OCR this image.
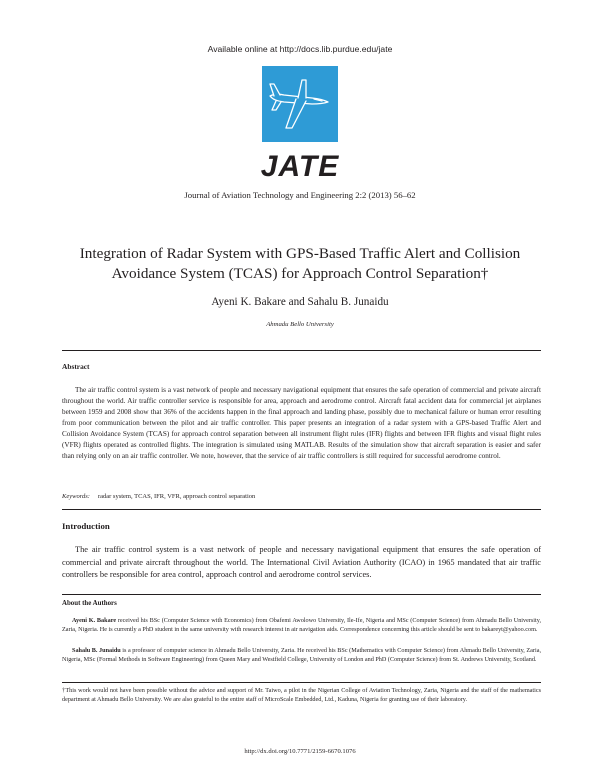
Available online at http://docs.lib.purdue.edu/jate
JATE
Journal of Aviation Technology and Engineering 2:2 (2013) 56–62
Integration of Radar System with GPS-Based Traffic Alert and Collision
Avoidance System (TCAS) for Approach Control Separation†
Ayeni K. Bakare and Sahalu B. Junaidu
Ahmadu Bello University
Abstract
The air traffic control system is a vast network of people and necessary navigational equipment that ensures the safe operation of commercial and private aircraft throughout the world. Air traffic controller service is responsible for area, approach and aerodrome control. Aircraft fatal accident data for commercial jet airplanes between 1959 and 2008 show that 36% of the accidents happen in the final approach and landing phase, possibly due to mechanical failure or human error resulting from poor communication between the pilot and air traffic controller. This paper presents an integration of a radar system with a GPS-based Traffic Alert and Collision Avoidance System (TCAS) for approach control separation between all instrument flight rules (IFR) flights and between IFR flights and visual flight rules (VFR) flights operated as controlled flights. The integration is simulated using MATLAB. Results of the simulation show that aircraft separation is easier and safer than relying only on an air traffic controller. We note, however, that the service of air traffic controllers is still required for successful aerodrome control.
Keywords: radar system, TCAS, IFR, VFR, approach control separation
Introduction
The air traffic control system is a vast network of people and necessary navigational equipment that ensures the safe operation of commercial and private aircraft throughout the world. The International Civil Aviation Authority (ICAO) in 1965 mandated that air traffic controllers be responsible for area control, approach control and aerodrome control services.
About the Authors
Ayeni K. Bakare received his BSc (Computer Science with Economics) from Obafemi Awolowo University, Ile-Ife, Nigeria and MSc (Computer Science) from Ahmadu Bello University, Zaria, Nigeria. He is currently a PhD student in the same university with research interest in air navigation aids. Correspondence concerning this article should be sent to bakareyt@yahoo.com.
Sahalu B. Junaidu is a professor of computer science in Ahmadu Bello University, Zaria. He received his BSc (Mathematics with Computer Science) from Ahmadu Bello University, Zaria, Nigeria, MSc (Formal Methods in Software Engineering) from Queen Mary and Westfield College, University of London and PhD (Computer Science) from St. Andrews University, Scotland.
†This work would not have been possible without the advice and support of Mr. Taiwo, a pilot in the Nigerian College of Aviation Technology, Zaria, Nigeria and the staff of the mathematics department at Ahmadu Bello University. We are also grateful to the entire staff of MicroScale Embedded, Ltd., Kaduna, Nigeria for granting use of their laboratory.
http://dx.doi.org/10.7771/2159-6670.1076
